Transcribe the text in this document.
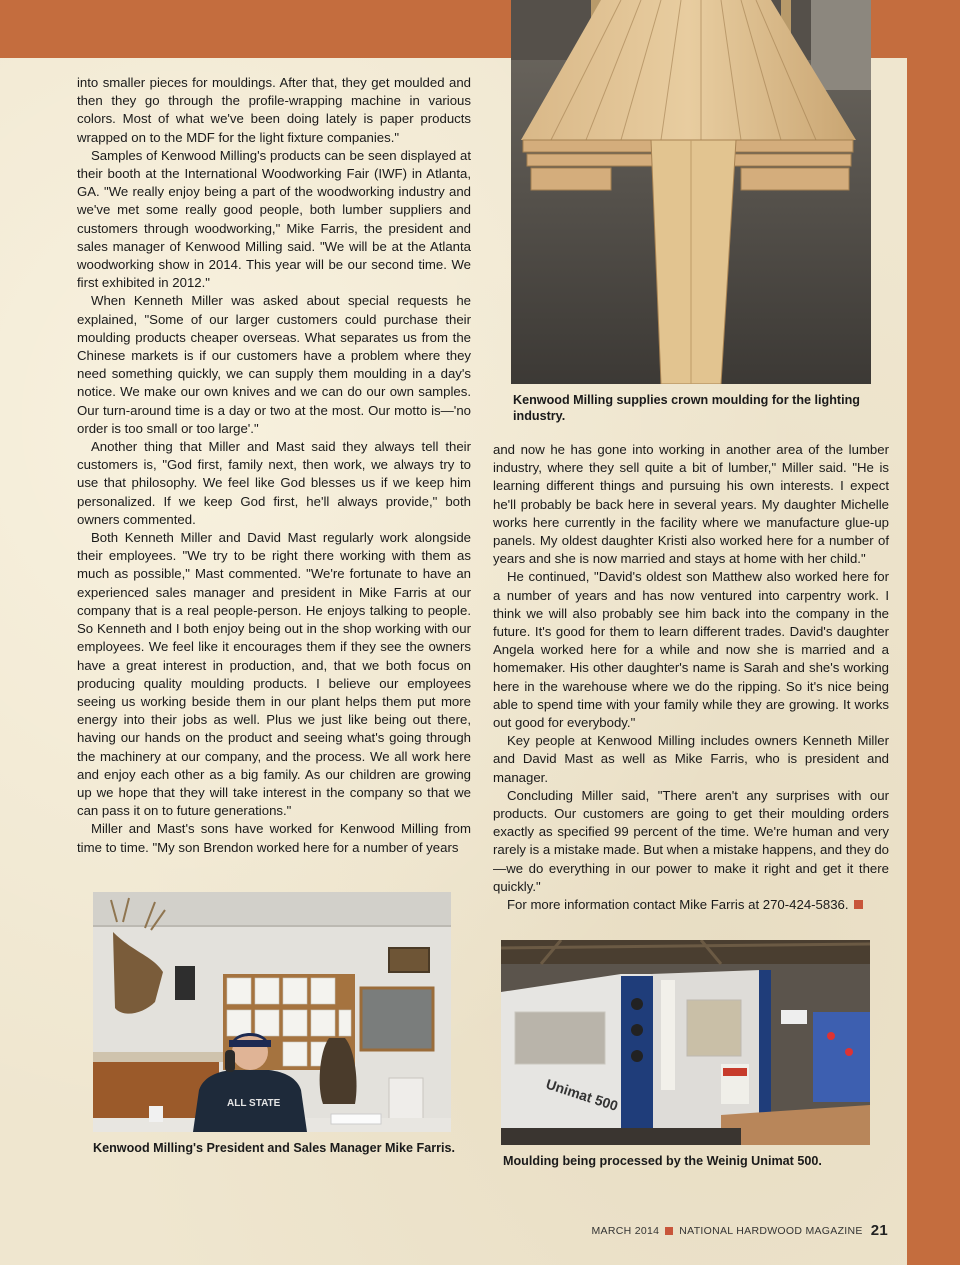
Kenwood Milling supplies crown moulding for the lighting industry.

into smaller pieces for mouldings. After that, they get moulded and then they go through the profile-wrapping machine in various colors. Most of what we've been doing lately is paper products wrapped on to the MDF for the light fixture companies."

Samples of Kenwood Milling's products can be seen displayed at their booth at the International Woodworking Fair (IWF) in Atlanta, GA. "We really enjoy being a part of the woodworking industry and we've met some really good people, both lumber suppliers and customers through woodworking," Mike Farris, the president and sales manager of Kenwood Milling said. "We will be at the Atlanta woodworking show in 2014. This year will be our second time. We first exhibited in 2012."

When Kenneth Miller was asked about special requests he explained, "Some of our larger customers could purchase their moulding products cheaper overseas. What separates us from the Chinese markets is if our customers have a problem where they need something quickly, we can supply them moulding in a day's notice. We make our own knives and we can do our own samples. Our turn-around time is a day or two at the most. Our motto is—'no order is too small or too large'."

Another thing that Miller and Mast said they always tell their customers is, "God first, family next, then work, we always try to use that philosophy. We feel like God blesses us if we keep him personalized. If we keep God first, he'll always provide," both owners commented.

Both Kenneth Miller and David Mast regularly work alongside their employees. "We try to be right there working with them as much as possible," Mast commented. "We're fortunate to have an experienced sales manager and president in Mike Farris at our company that is a real people-person. He enjoys talking to people. So Kenneth and I both enjoy being out in the shop working with our employees. We feel like it encourages them if they see the owners have a great interest in production, and, that we both focus on producing quality moulding products. I believe our employees seeing us working beside them in our plant helps them put more energy into their jobs as well. Plus we just like being out there, having our hands on the product and seeing what's going through the machinery at our company, and the process. We all work here and enjoy each other as a big family. As our children are growing up we hope that they will take interest in the company so that we can pass it on to future generations."

Miller and Mast's sons have worked for Kenwood Milling from time to time. "My son Brendon worked here for a number of years

and now he has gone into working in another area of the lumber industry, where they sell quite a bit of lumber," Miller said. "He is learning different things and pursuing his own interests. I expect he'll probably be back here in several years. My daughter Michelle works here currently in the facility where we manufacture glue-up panels. My oldest daughter Kristi also worked here for a number of years and she is now married and stays at home with her child."

He continued, "David's oldest son Matthew also worked here for a number of years and has now ventured into carpentry work. I think we will also probably see him back into the company in the future. It's good for them to learn different trades. David's daughter Angela worked here for a while and now she is married and a homemaker. His other daughter's name is Sarah and she's working here in the warehouse where we do the ripping. So it's nice being able to spend time with your family while they are growing. It works out good for everybody."

Key people at Kenwood Milling includes owners Kenneth Miller and David Mast as well as Mike Farris, who is president and manager.

Concluding Miller said, "There aren't any surprises with our products. Our customers are going to get their moulding orders exactly as specified 99 percent of the time. We're human and very rarely is a mistake made. But when a mistake happens, and they do—we do everything in our power to make it right and get it there quickly."

For more information contact Mike Farris at 270-424-5836.

ALL STATE
Kenwood Milling's President and Sales Manager Mike Farris.
Unimat 500
Moulding being processed by the Weinig Unimat 500.
MARCH 2014 NATIONAL HARDWOOD MAGAZINE 21
